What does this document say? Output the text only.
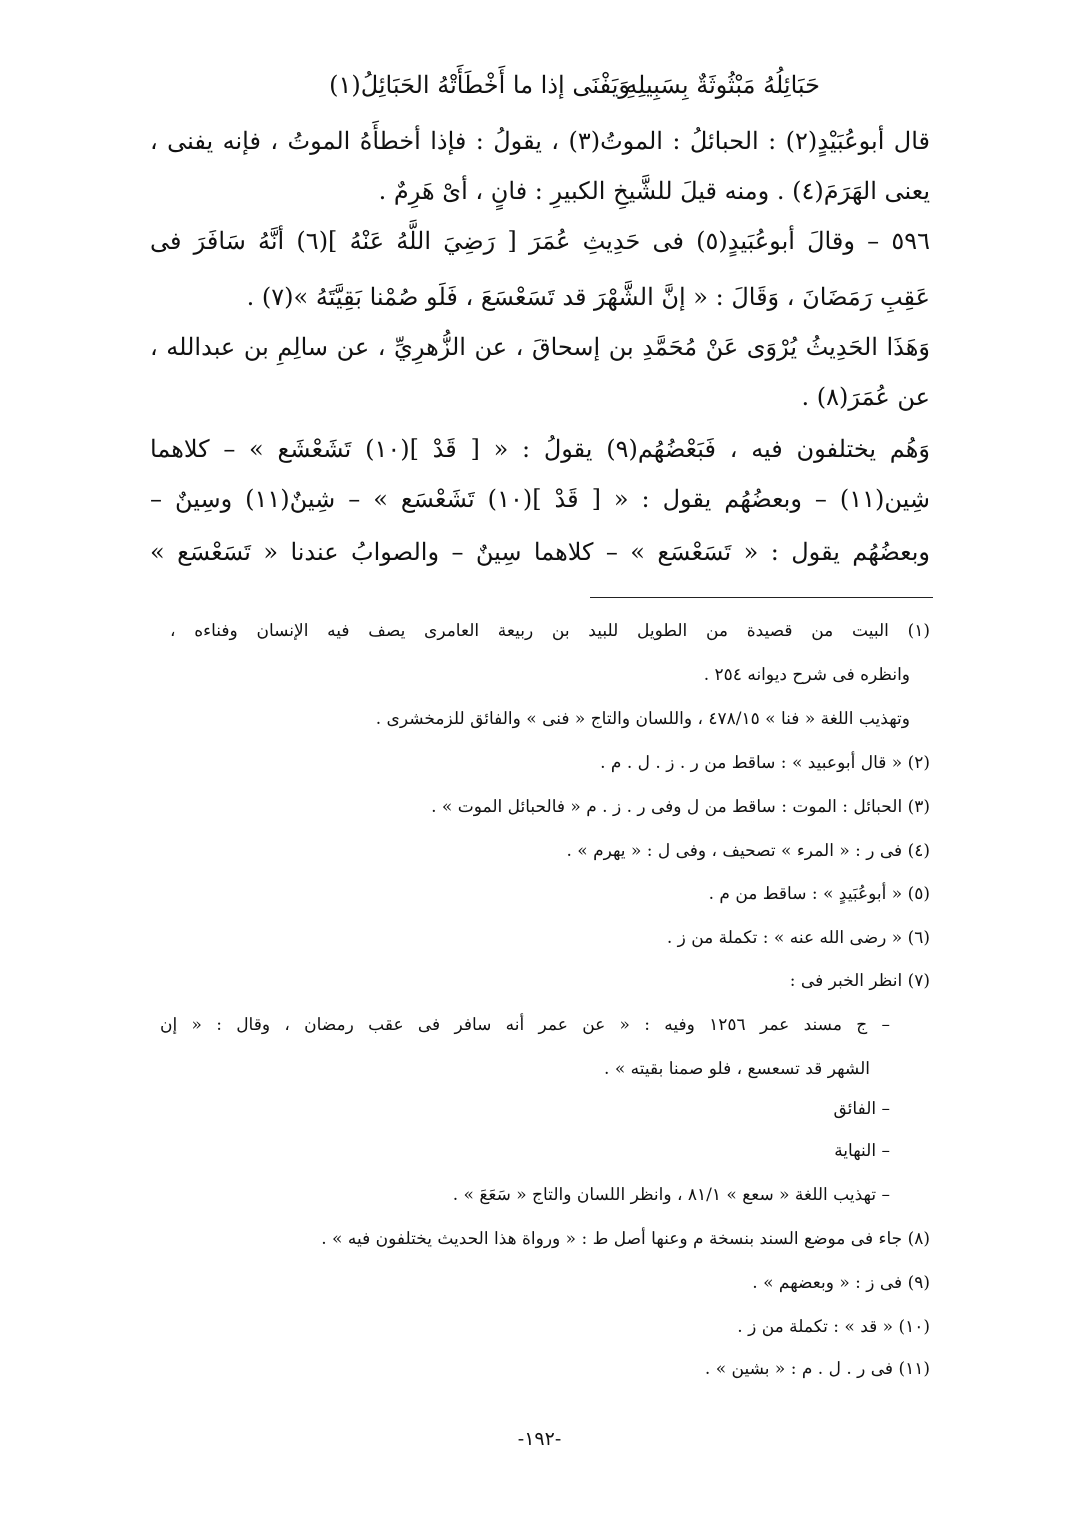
حَبَائِلُهُ مَبْثُوثَةٌ بِسَبِيلِهِ
وَيَفْنَى إذا ما أَخْطَأَتْهُ الحَبَائِلُ(١)
قال أبوعُبَيْدٍ(٢) : الحبائلُ : الموتُ(٣) ، يقولُ : فإذا أخطأَهُ الموتُ ، فإنه يفنى ،
يعنى الهَرَمَ(٤) . ومنه قيلَ للشَّيخِ الكبيرِ : فانٍ ، أىْ هَرِمٌ .
٥٩٦ – وقالَ أبوعُبَيدٍ(٥) فى حَدِيثِ عُمَرَ [ رَضِيَ اللَّهُ عَنْهُ ](٦) أنَّهُ سَافَرَ فى
عَقِبِ رَمَضَانَ ، وَقَالَ : « إنَّ الشَّهْرَ قد تَسَعْسَعَ ، فَلَو صُمْنا بَقِيَّتَهُ »(٧) .
وَهَذَا الحَدِيثُ يُرْوَى عَنْ مُحَمَّدِ بن إسحاقَ ، عن الزُّهرِيِّ ، عن سالِمِ بن عبدالله ،
عن عُمَرَ(٨) .
وَهُم يختلفون فيه ، فَبَعْضُهُم(٩) يقولُ : « [ قَدْ ](١٠) تَشَعْشَع » – كلاهما
شِين(١١) – وبعضُهُم يقول : « [ قَدْ ](١٠) تَشَعْسَع » – شِينٌ(١١) وسِينٌ –
وبعضُهُم يقول : « تَسَعْسَع » – كلاهما سِينٌ – والصوابُ عندنا « تَسَعْسَع »
(١) البيت من قصيدة من الطويل للبيد بن ربيعة العامرى يصف فيه الإنسان وفناءه ،
وانظره فى شرح ديوانه ٢٥٤ .
وتهذيب اللغة « فنا » ٤٧٨/١٥ ، واللسان والتاج « فنى » والفائق للزمخشرى .
(٢) « قال أبوعبيد » : ساقط من ر . ز . ل . م .
(٣) الحبائل : الموت : ساقط من ل وفى ر . ز . م « فالحبائل الموت » .
(٤) فى ر : « المرء » تصحيف ، وفى ل : « يهرم » .
(٥) « أبوعُبَيدٍ » : ساقط من م .
(٦) « رضى الله عنه » : تكملة من ز .
(٧) انظر الخبر فى :
– ج مسند عمر ١٢٥٦ وفيه : « عن عمر أنه سافر فى عقب رمضان ، وقال : « إن
الشهر قد تسعسع ، فلو صمنا بقيته » .
– الفائق
– النهاية
– تهذيب اللغة « سعع » ٨١/١ ، وانظر اللسان والتاج « سَعَعَ » .
(٨) جاء فى موضع السند بنسخة م وعنها أصل ط : « ورواة هذا الحديث يختلفون فيه » .
(٩) فى ز : « وبعضهم » .
(١٠) « قد » : تكملة من ز .
(١١) فى ر . ل . م : « بشين » .
-١٩٢-
